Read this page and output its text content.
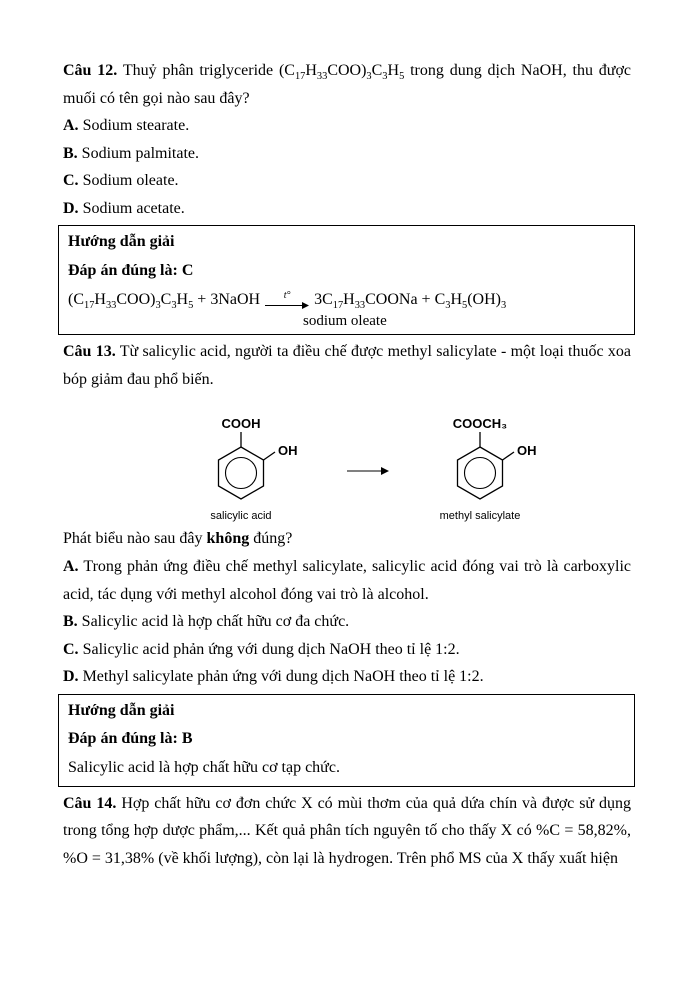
Câu 12. Thuỷ phân triglyceride $(C_{17}H_{33}COO)_3C_3H_5$ trong dung dịch NaOH, thu được muối có tên gọi nào sau đây?

A. Sodium stearate.

B. Sodium palmitate.

C. Sodium oleate.

D. Sodium acetate.

Hướng dẫn giải

Đáp án đúng là: C

$(C_{17}H_{33}COO)_3C_3H_5$ + 3NaOH t° $3C_{17}H_{33}COONa + C_3H_5(OH)_3$

sodium oleate

Câu 13. Từ salicylic acid, người ta điều chế được methyl salicylate - một loại thuốc xoa bóp giảm đau phổ biến.

COOH
OH
salicylic acid
COOCH₃
OH
methyl salicylate

Phát biểu nào sau đây không đúng?

A. Trong phản ứng điều chế methyl salicylate, salicylic acid đóng vai trò là carboxylic acid, tác dụng với methyl alcohol đóng vai trò là alcohol.

B. Salicylic acid là hợp chất hữu cơ đa chức.

C. Salicylic acid phản ứng với dung dịch NaOH theo tỉ lệ 1:2.

D. Methyl salicylate phản ứng với dung dịch NaOH theo tỉ lệ 1:2.

Hướng dẫn giải

Đáp án đúng là: B

Salicylic acid là hợp chất hữu cơ tạp chức.

Câu 14. Hợp chất hữu cơ đơn chức X có mùi thơm của quả dứa chín và được sử dụng trong tổng hợp dược phẩm,... Kết quả phân tích nguyên tố cho thấy X có %C = 58,82%, %O = 31,38% (về khối lượng), còn lại là hydrogen. Trên phổ MS của X thấy xuất hiện
